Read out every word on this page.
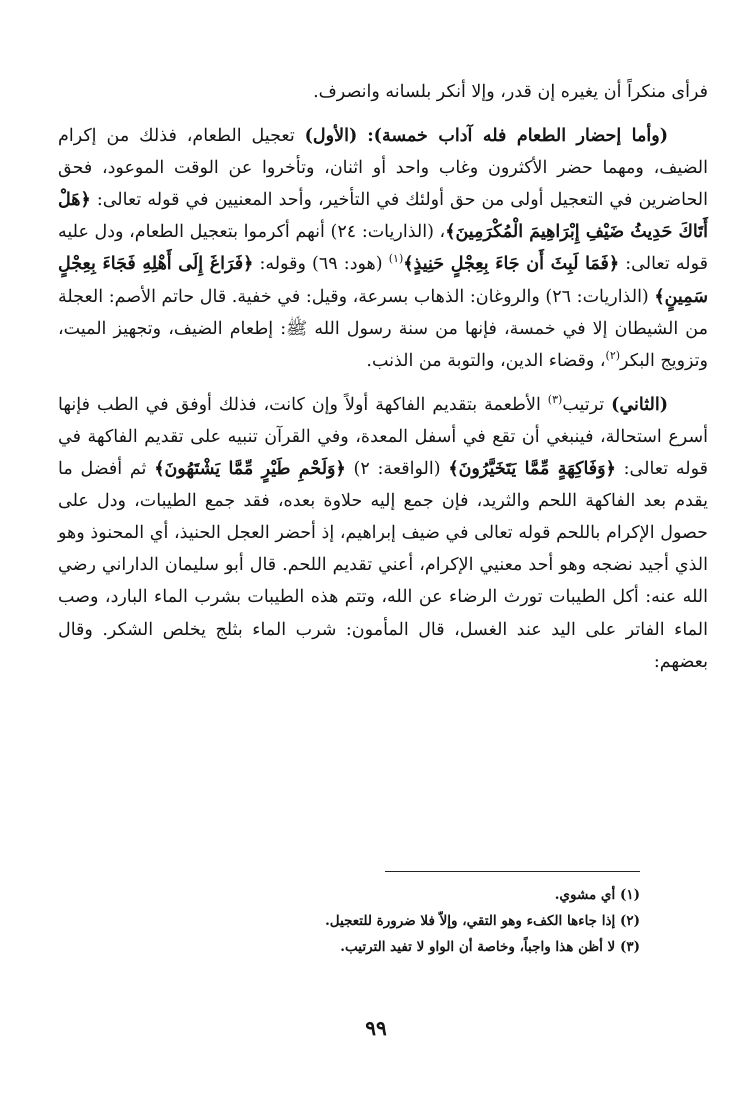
فرأى منكراً أن يغيره إن قدر، وإلا أنكر بلسانه وانصرف.

(وأما إحضار الطعام فله آداب خمسة): (الأول) تعجيل الطعام، فذلك من إكرام الضيف، ومهما حضر الأكثرون وغاب واحد أو اثنان، وتأخروا عن الوقت الموعود، فحق الحاضرين في التعجيل أولى من حق أولئك في التأخير، وأحد المعنيين في قوله تعالى: ﴿هَلْ أَتَاكَ حَدِيثُ ضَيْفِ إِبْرَاهِيمَ الْمُكْرَمِينَ﴾، (الذاريات: ٢٤) أنهم أكرموا بتعجيل الطعام، ودل عليه قوله تعالى: ﴿فَمَا لَبِثَ أَن جَاءَ بِعِجْلٍ حَنِيذٍ﴾$^{(١)}$ (هود: ٦٩) وقوله: ﴿فَرَاغَ إِلَى أَهْلِهِ فَجَاءَ بِعِجْلٍ سَمِينٍ﴾ (الذاريات: ٢٦) والروغان: الذهاب بسرعة، وقيل: في خفية. قال حاتم الأصم: العجلة من الشيطان إلا في خمسة، فإنها من سنة رسول الله ﷺ: إطعام الضيف، وتجهيز الميت، وتزويج البكر$^{(٢)}$، وقضاء الدين، والتوبة من الذنب.

(الثاني) ترتيب$^{(٣)}$ الأطعمة بتقديم الفاكهة أولاً وإن كانت، فذلك أوفق في الطب فإنها أسرع استحالة، فينبغي أن تقع في أسفل المعدة، وفي القرآن تنبيه على تقديم الفاكهة في قوله تعالى: ﴿وَفَاكِهَةٍ مِّمَّا يَتَخَيَّرُونَ﴾ (الواقعة: ٢) ﴿وَلَحْمِ طَيْرٍ مِّمَّا يَشْتَهُونَ﴾ ثم أفضل ما يقدم بعد الفاكهة اللحم والثريد، فإن جمع إليه حلاوة بعده، فقد جمع الطيبات، ودل على حصول الإكرام باللحم قوله تعالى في ضيف إبراهيم، إذ أحضر العجل الحنيذ، أي المحنوذ وهو الذي أجيد نضجه وهو أحد معنيي الإكرام، أعني تقديم اللحم. قال أبو سليمان الداراني رضي الله عنه: أكل الطيبات تورث الرضاء عن الله، وتتم هذه الطيبات بشرب الماء البارد، وصب الماء الفاتر على اليد عند الغسل، قال المأمون: شرب الماء بثلج يخلص الشكر. وقال بعضهم:

(١) أي مشوي.
(٢) إذا جاءها الكفء وهو التقي، وإلاّ فلا ضرورة للتعجيل.
(٣) لا أظن هذا واجباً، وخاصة أن الواو لا تفيد الترتيب.
٩٩
